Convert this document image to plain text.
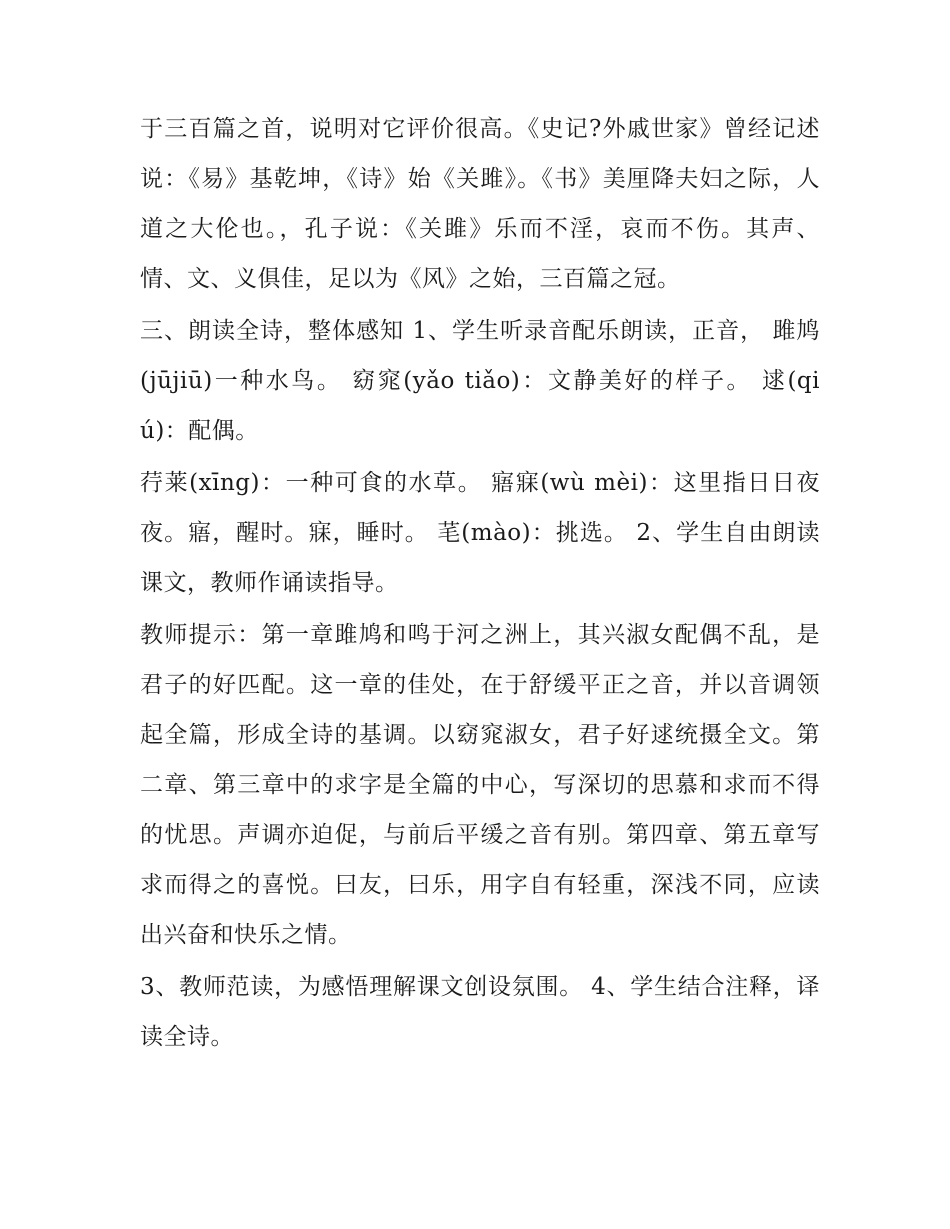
于三百篇之首，说明对它评价很高。《史记?外戚世家》曾经记述说：《易》基乾坤，《诗》始《关雎》。《书》美厘降夫妇之际，人道之大伦也。，孔子说：《关雎》乐而不淫，哀而不伤。其声、情、文、义俱佳，足以为《风》之始，三百篇之冠。

三、朗读全诗，整体感知 1、学生听录音配乐朗读，正音， 雎鸠(jūjiū)一种水鸟。 窈窕(yǎo tiǎo)：文静美好的样子。 逑(qiú)：配偶。

荇莱(xīng)：一种可食的水草。 寤寐(wù mèi)：这里指日日夜夜。寤，醒时。寐，睡时。 芼(mào)：挑选。 2、学生自由朗读课文，教师作诵读指导。

教师提示：第一章雎鸠和鸣于河之洲上，其兴淑女配偶不乱，是君子的好匹配。这一章的佳处，在于舒缓平正之音，并以音调领起全篇，形成全诗的基调。以窈窕淑女，君子好逑统摄全文。第二章、第三章中的求字是全篇的中心，写深切的思慕和求而不得的忧思。声调亦迫促，与前后平缓之音有别。第四章、第五章写求而得之的喜悦。曰友，曰乐，用字自有轻重，深浅不同，应读出兴奋和快乐之情。

3、教师范读，为感悟理解课文创设氛围。 4、学生结合注释，译读全诗。
